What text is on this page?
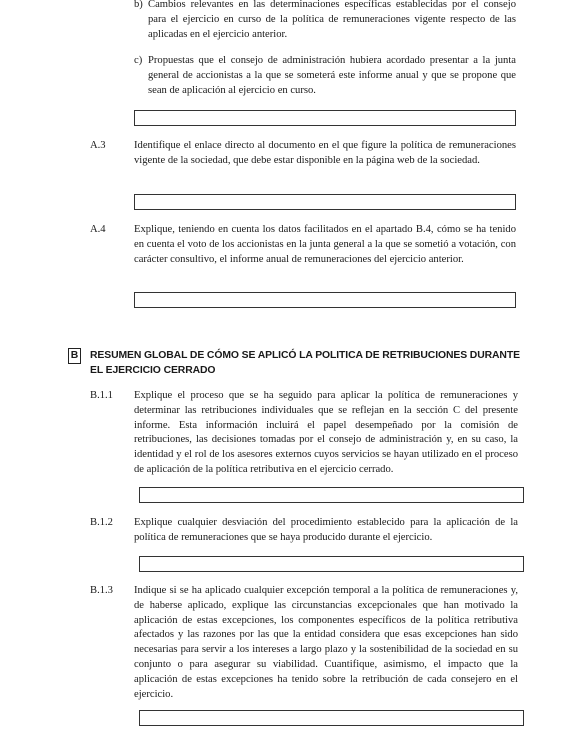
b) Cambios relevantes en las determinaciones específicas establecidas por el consejo para el ejercicio en curso de la política de remuneraciones vigente respecto de las aplicadas en el ejercicio anterior.
c) Propuestas que el consejo de administración hubiera acordado presentar a la junta general de accionistas a la que se someterá este informe anual y que se propone que sean de aplicación al ejercicio en curso.
A.3	Identifique el enlace directo al documento en el que figure la política de remuneraciones vigente de la sociedad, que debe estar disponible en la página web de la sociedad.
A.4	Explique, teniendo en cuenta los datos facilitados en el apartado B.4, cómo se ha tenido en cuenta el voto de los accionistas en la junta general a la que se sometió a votación, con carácter consultivo, el informe anual de remuneraciones del ejercicio anterior.
B RESUMEN GLOBAL DE CÓMO SE APLICÓ LA POLITICA DE RETRIBUCIONES DURANTE EL EJERCICIO CERRADO
B.1.1 Explique el proceso que se ha seguido para aplicar la política de remuneraciones y determinar las retribuciones individuales que se reflejan en la sección C del presente informe. Esta información incluirá el papel desempeñado por la comisión de retribuciones, las decisiones tomadas por el consejo de administración y, en su caso, la identidad y el rol de los asesores externos cuyos servicios se hayan utilizado en el proceso de aplicación de la política retributiva en el ejercicio cerrado.
B.1.2 Explique cualquier desviación del procedimiento establecido para la aplicación de la política de remuneraciones que se haya producido durante el ejercicio.
B.1.3 Indique si se ha aplicado cualquier excepción temporal a la política de remuneraciones y, de haberse aplicado, explique las circunstancias excepcionales que han motivado la aplicación de estas excepciones, los componentes específicos de la política retributiva afectados y las razones por las que la entidad considera que esas excepciones han sido necesarias para servir a los intereses a largo plazo y la sostenibilidad de la sociedad en su conjunto o para asegurar su viabilidad. Cuantifique, asimismo, el impacto que la aplicación de estas excepciones ha tenido sobre la retribución de cada consejero en el ejercicio.
